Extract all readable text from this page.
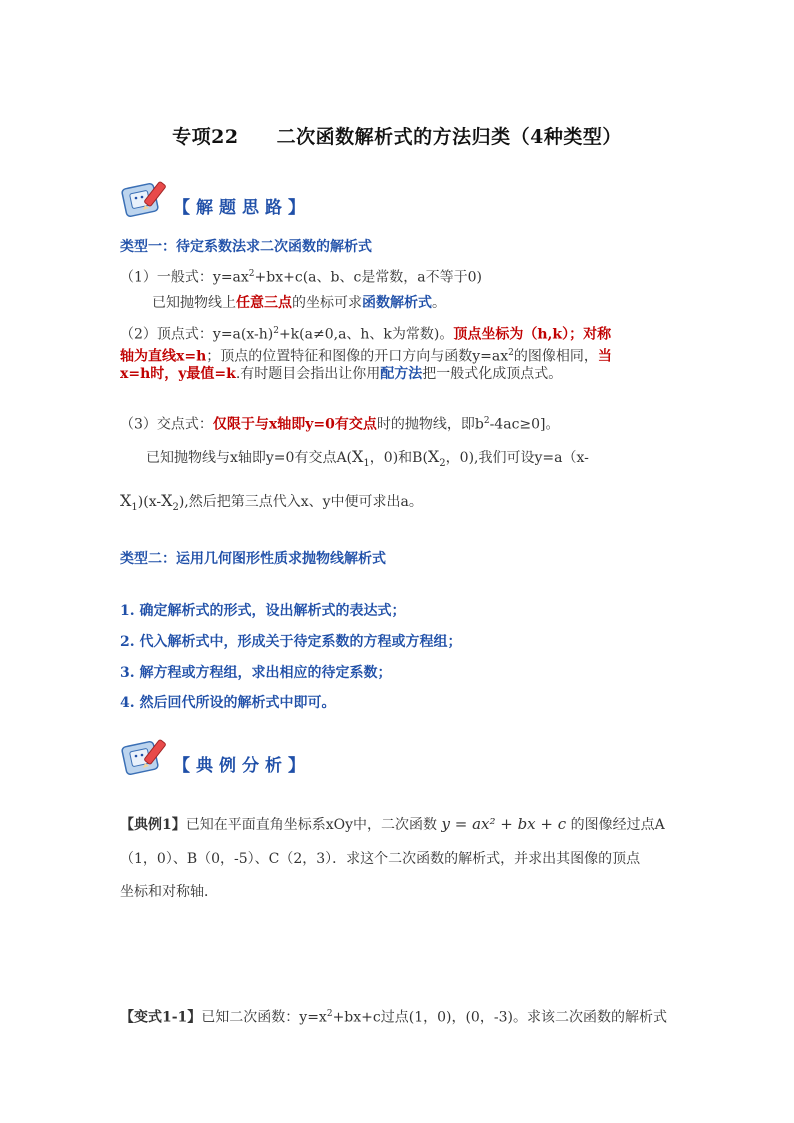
专项22 二次函数解析式的方法归类（4种类型）
【解题思路】
类型一：待定系数法求二次函数的解析式
（1）一般式：$y=ax^2+bx+c(a$、b、c是常数，a不等于0)
已知抛物线上任意三点的坐标可求函数解析式。
（2）顶点式：$y=a(x-h)^2+k(a\ne 0,a$、h、k为常数)。顶点坐标为（h,k）；对称
轴为直线x=h；顶点的位置特征和图像的开口方向与函数$y=ax^2$的图像相同，当
x=h时，y最值=k.有时题目会指出让你用配方法把一般式化成顶点式。
（3）交点式：仅限于与x轴即y=0有交点时的抛物线，即$b^2-4ac\ge 0$]。
已知抛物线与x轴即y=0有交点$A(X_1$，0)和$B(X_2$，0),我们可设y=a（x-
$X_1)(x-X_2)$,然后把第三点代入x、y中便可求出a。
类型二：运用几何图形性质求抛物线解析式
1. 确定解析式的形式，设出解析式的表达式；
2. 代入解析式中，形成关于待定系数的方程或方程组；
3. 解方程或方程组，求出相应的待定系数；
4. 然后回代所设的解析式中即可。
【典例分析】
【典例1】已知在平面直角坐标系xOy中，二次函数 y = ax² + bx + c 的图像经过点A
（1，0）、B（0，-5）、C（2，3）．求这个二次函数的解析式，并求出其图像的顶点
坐标和对称轴．
【变式1-1】已知二次函数：$y=x^2+bx+c$过点(1，0)，(0，-3)。求该二次函数的解析式
